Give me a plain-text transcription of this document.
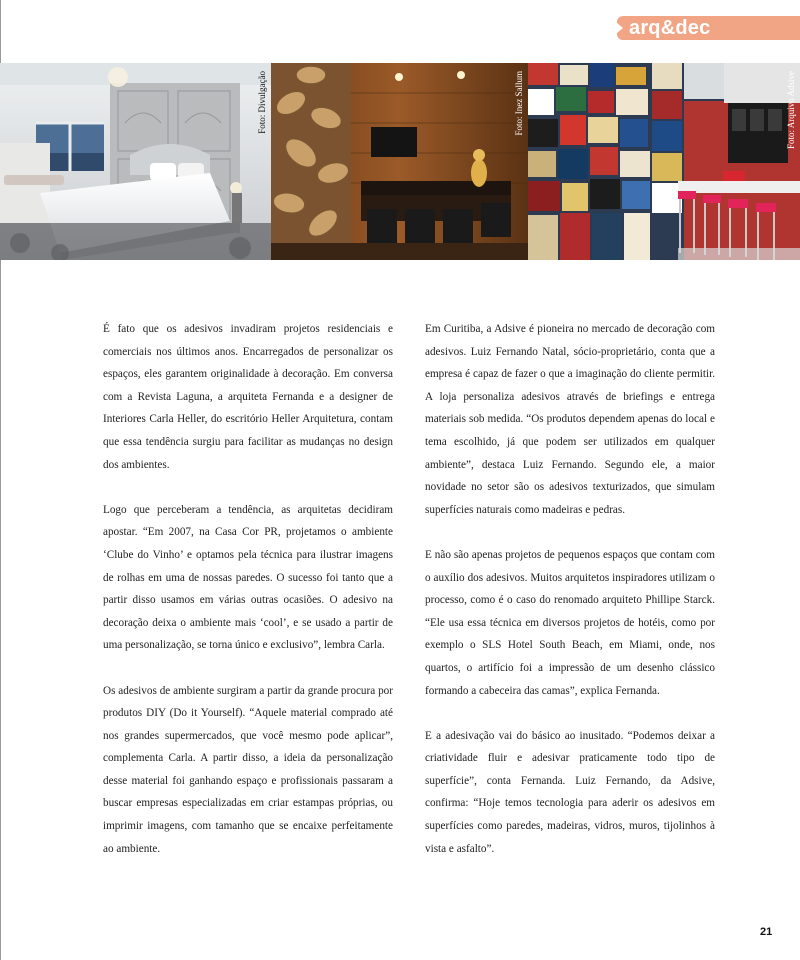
arq&dec
Foto: Divulgação	Foto: Inez Sallum	Foto: Arquivo Adsive

É fato que os adesivos invadiram projetos residenciais e comerciais nos últimos anos. Encarregados de personalizar os espaços, eles garantem originalidade à decoração. Em conversa com a Revista Laguna, a arquiteta Fernanda e a designer de Interiores Carla Heller, do escritório Heller Arquitetura, contam que essa tendência surgiu para facilitar as mudanças no design dos ambientes.

Logo que perceberam a tendência, as arquitetas decidiram apostar. “Em 2007, na Casa Cor PR, projetamos o ambiente ‘Clube do Vinho’ e optamos pela técnica para ilustrar imagens de rolhas em uma de nossas paredes. O sucesso foi tanto que a partir disso usamos em várias outras ocasiões. O adesivo na decoração deixa o ambiente mais ‘cool’, e se usado a partir de uma personalização, se torna único e exclusivo”, lembra Carla.

Os adesivos de ambiente surgiram a partir da grande procura por produtos DIY (Do it Yourself). “Aquele material comprado até nos grandes supermercados, que você mesmo pode aplicar”, complementa Carla. A partir disso, a ideia da personalização desse material foi ganhando espaço e profissionais passaram a buscar empresas especializadas em criar estampas próprias, ou imprimir imagens, com tamanho que se encaixe perfeitamente ao ambiente.

Em Curitiba, a Adsive é pioneira no mercado de decoração com adesivos. Luiz Fernando Natal, sócio-proprietário, conta que a empresa é capaz de fazer o que a imaginação do cliente permitir. A loja personaliza adesivos através de briefings e entrega materiais sob medida. “Os produtos dependem apenas do local e tema escolhido, já que podem ser utilizados em qualquer ambiente”, destaca Luiz Fernando. Segundo ele, a maior novidade no setor são os adesivos texturizados, que simulam superfícies naturais como madeiras e pedras.

E não são apenas projetos de pequenos espaços que contam com o auxílio dos adesivos. Muitos arquitetos inspiradores utilizam o processo, como é o caso do renomado arquiteto Phillipe Starck. “Ele usa essa técnica em diversos projetos de hotéis, como por exemplo o SLS Hotel South Beach, em Miami, onde, nos quartos, o artifício foi a impressão de um desenho clássico formando a cabeceira das camas”, explica Fernanda.

E a adesivação vai do básico ao inusitado. “Podemos deixar a criatividade fluir e adesivar praticamente todo tipo de superfície”, conta Fernanda. Luiz Fernando, da Adsive, confirma: “Hoje temos tecnologia para aderir os adesivos em superfícies como paredes, madeiras, vidros, muros, tijolinhos à vista e asfalto”.

21
